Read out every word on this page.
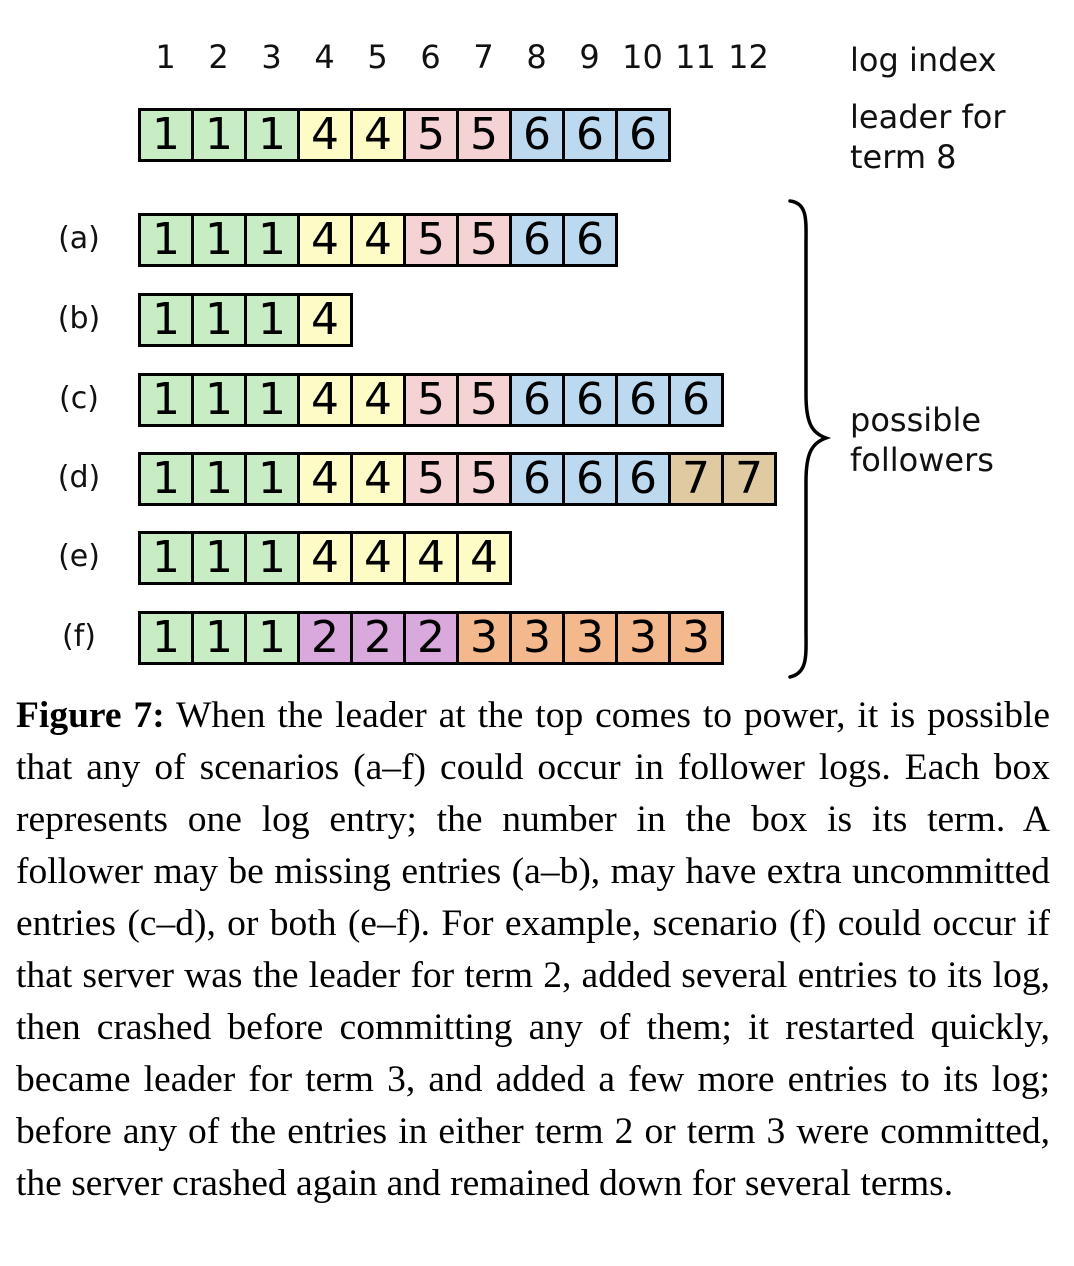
1	2	3	4	5	6	7	8	9 10 11 12	log index
1 1 1 4 4 5 5 6 6 6	leader for
term 8
(a)	1 1 1 4 4 5 5 6 6
(b)	1 1 1 4
(c)	1 1 1 4 4 5 5 6 6 6 6
(d)	1 1 1 4 4 5 5 6 6 6 7 7
(e)	1 1 1 4 4 4 4
(f)	1 1 1 2 2 2 3 3 3 3 3
possible
followers
Figure 7: When the leader at the top comes to power, it is possible that any of scenarios (a–f) could occur in follower logs. Each box represents one log entry; the number in the box is its term. A follower may be missing entries (a–b), may have extra uncommitted entries (c–d), or both (e–f). For example, scenario (f) could occur if that server was the leader for term 2, added several entries to its log, then crashed before committing any of them; it restarted quickly, became leader for term 3, and added a few more entries to its log; before any of the entries in either term 2 or term 3 were committed, the server crashed again and remained down for several terms.
